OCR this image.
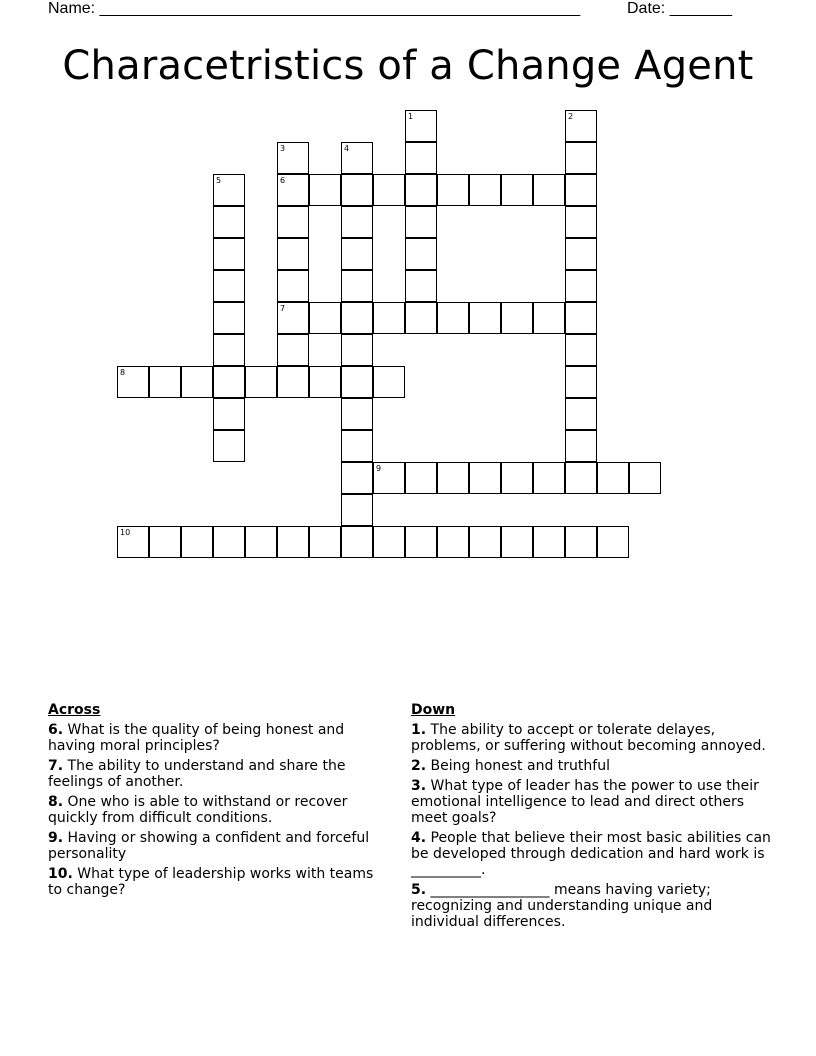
Name: ______________________________________________________	Date: _______
Characetristics of a Change Agent
1	2
3
6
7
4
5
8
9
10
Across
6. What is the quality of being honest and having moral principles?
7. The ability to understand and share the feelings of another.
8. One who is able to withstand or recover quickly from difficult conditions.
9. Having or showing a confident and forceful personality
10. What type of leadership works with teams to change?
Down
1. The ability to accept or tolerate delayes, problems, or suffering without becoming annoyed.
2. Being honest and truthful
3. What type of leader has the power to use their emotional intelligence to lead and direct others meet goals?
4. People that believe their most basic abilities can be developed through dedication and hard work is __________.
5. _________________ means having variety; recognizing and understanding unique and individual differences.
